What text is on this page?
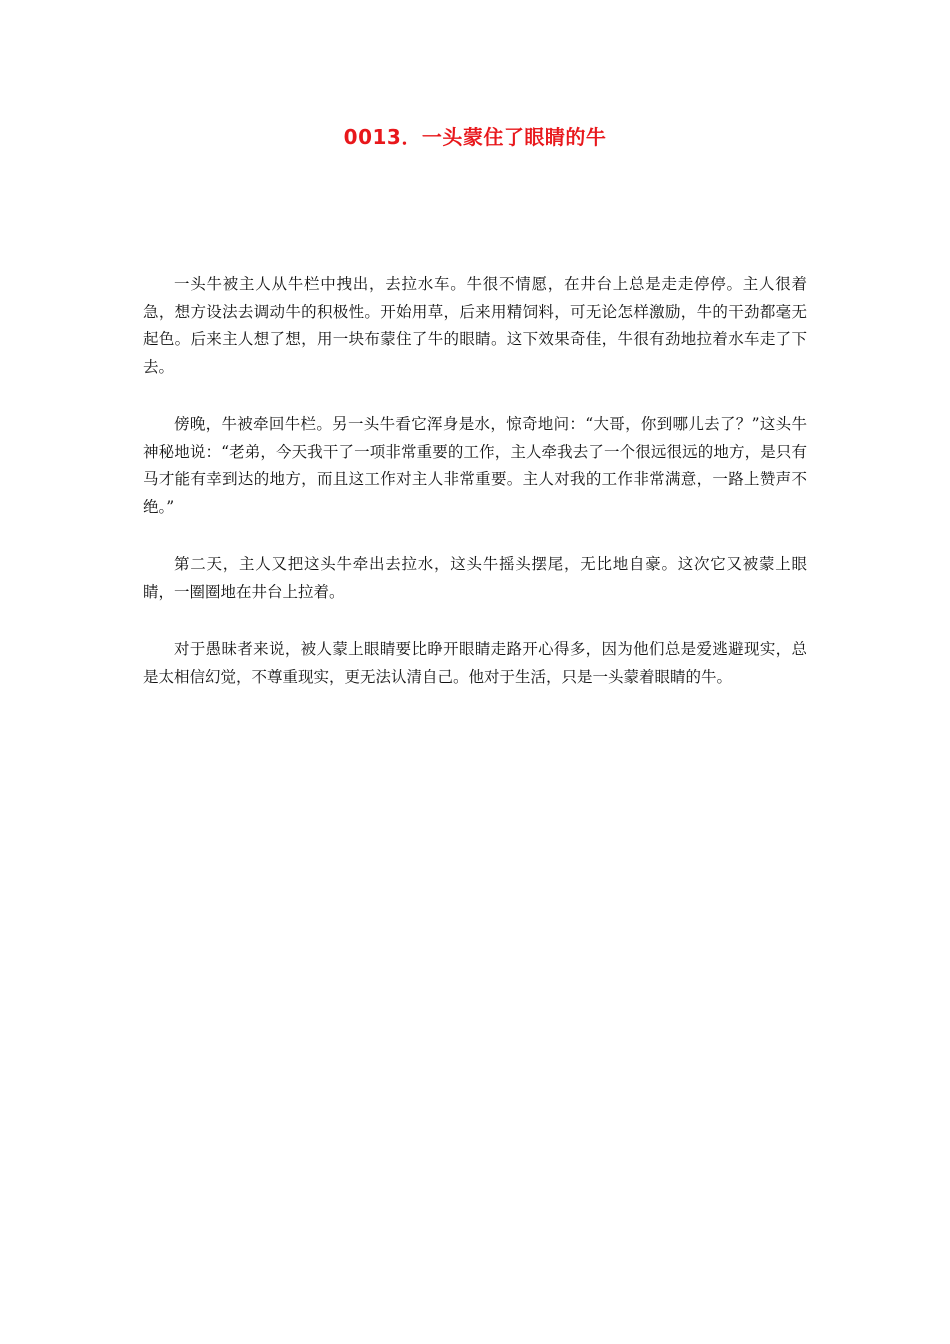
0013．一头蒙住了眼睛的牛

一头牛被主人从牛栏中拽出，去拉水车。牛很不情愿，在井台上总是走走停停。主人很着急，想方设法去调动牛的积极性。开始用草，后来用精饲料，可无论怎样激励，牛的干劲都毫无起色。后来主人想了想，用一块布蒙住了牛的眼睛。这下效果奇佳，牛很有劲地拉着水车走了下去。

傍晚，牛被牵回牛栏。另一头牛看它浑身是水，惊奇地问：“大哥，你到哪儿去了？”这头牛神秘地说：“老弟，今天我干了一项非常重要的工作，主人牵我去了一个很远很远的地方，是只有马才能有幸到达的地方，而且这工作对主人非常重要。主人对我的工作非常满意，一路上赞声不绝。”

第二天，主人又把这头牛牵出去拉水，这头牛摇头摆尾，无比地自豪。这次它又被蒙上眼睛，一圈圈地在井台上拉着。

对于愚昧者来说，被人蒙上眼睛要比睁开眼睛走路开心得多，因为他们总是爱逃避现实，总是太相信幻觉，不尊重现实，更无法认清自己。他对于生活，只是一头蒙着眼睛的牛。
